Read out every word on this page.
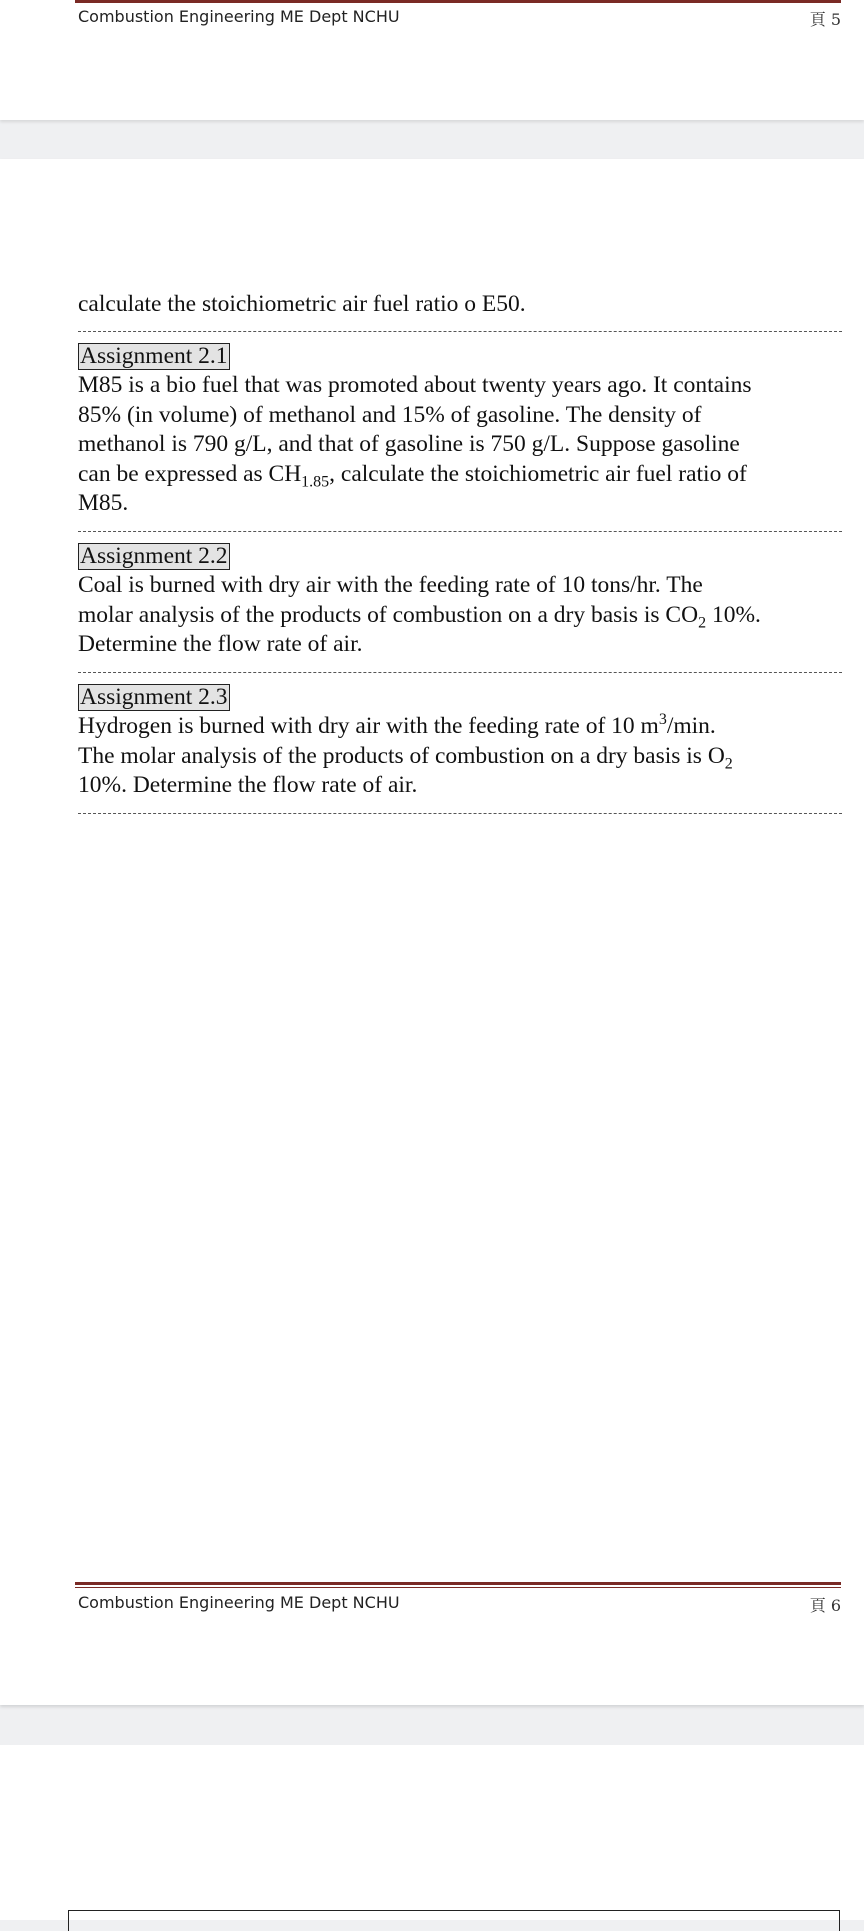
Combustion Engineering ME Dept NCHU	頁 5
calculate the stoichiometric air fuel ratio o E50.
Assignment 2.1
M85 is a bio fuel that was promoted about twenty years ago. It contains
85% (in volume) of methanol and 15% of gasoline. The density of
methanol is 790 g/L, and that of gasoline is 750 g/L. Suppose gasoline
can be expressed as $CH_{1.85}$, calculate the stoichiometric air fuel ratio of
M85.
Assignment 2.2
Coal is burned with dry air with the feeding rate of 10 tons/hr. The
molar analysis of the products of combustion on a dry basis is $CO_2$ 10%.
Determine the flow rate of air.
Assignment 2.3
Hydrogen is burned with dry air with the feeding rate of 10 $m^3/\min$.
The molar analysis of the products of combustion on a dry basis is $O_2$
10%. Determine the flow rate of air.
Combustion Engineering ME Dept NCHU	頁 6
